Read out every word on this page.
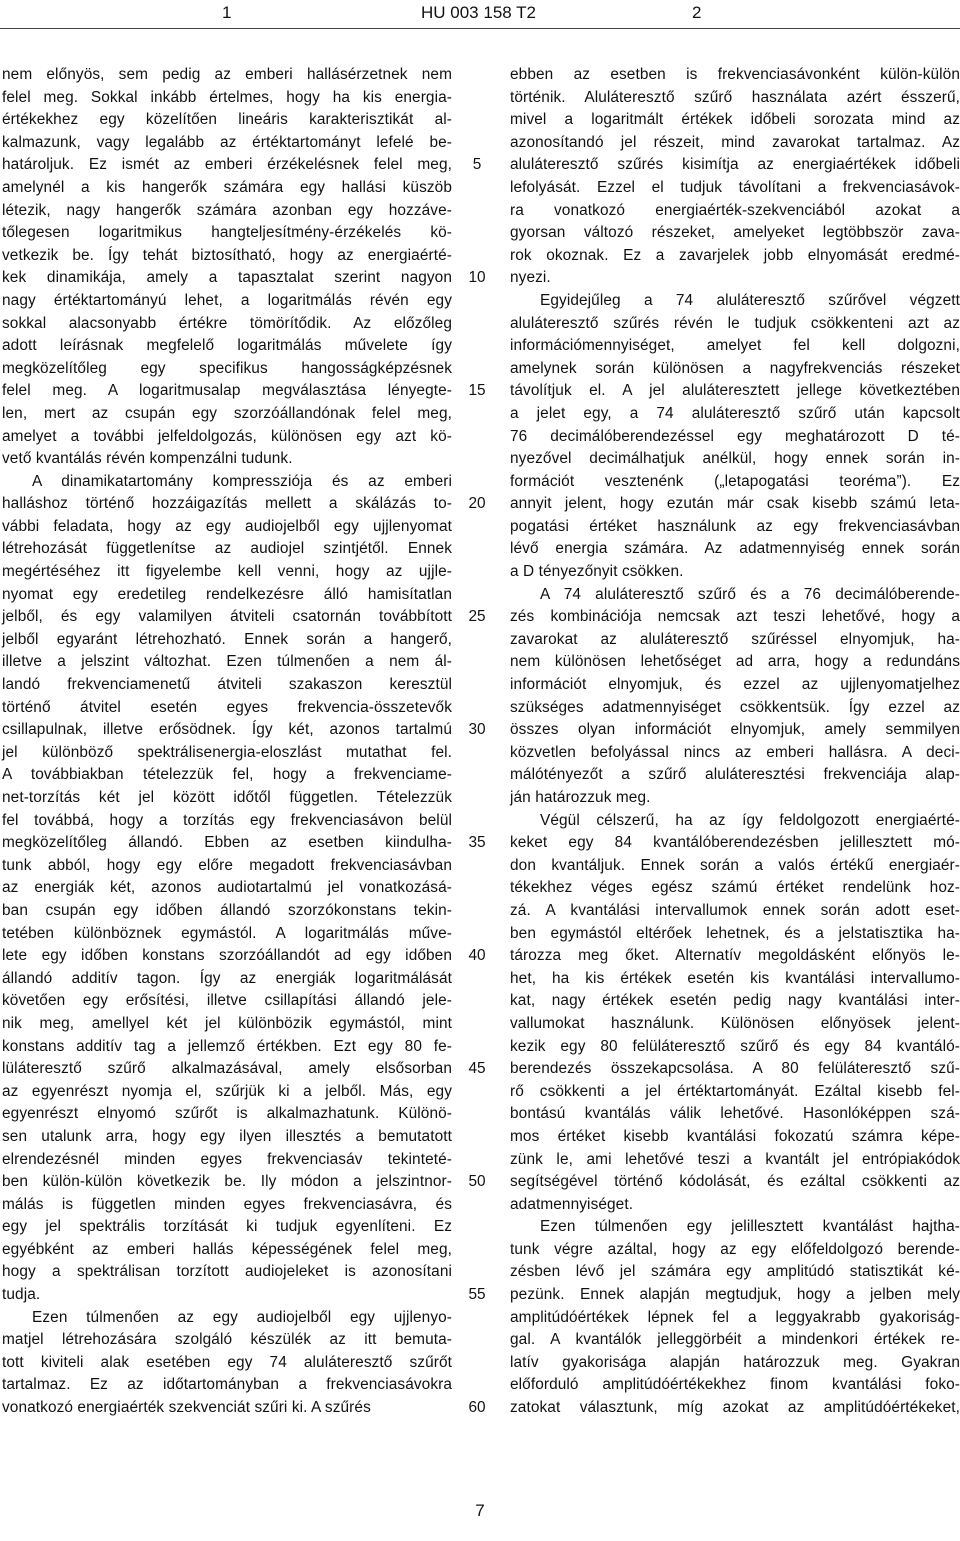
1	HU 003 158 T2	2

nem előnyös, sem pedig az emberi hallásérzetnek nem

felel meg. Sokkal inkább értelmes, hogy ha kis energia-

értékekhez egy közelítően lineáris karakterisztikát al-

kalmazunk, vagy legalább az értéktartományt lefelé be-

határoljuk. Ez ismét az emberi érzékelésnek felel meg,

amelynél a kis hangerők számára egy hallási küszöb

létezik, nagy hangerők számára azonban egy hozzáve-

tőlegesen logaritmikus hangteljesítmény-érzékelés kö-

vetkezik be. Így tehát biztosítható, hogy az energiaérté-

kek dinamikája, amely a tapasztalat szerint nagyon

nagy értéktartományú lehet, a logaritmálás révén egy

sokkal alacsonyabb értékre tömörítődik. Az előzőleg

adott leírásnak megfelelő logaritmálás művelete így

megközelítőleg egy specifikus hangosságképzésnek

felel meg. A logaritmusalap megválasztása lényegte-

len, mert az csupán egy szorzóállandónak felel meg,

amelyet a további jelfeldolgozás, különösen egy azt kö-

vető kvantálás révén kompenzálni tudunk.

A dinamikatartomány kompressziója és az emberi

halláshoz történő hozzáigazítás mellett a skálázás to-

vábbi feladata, hogy az egy audiojelből egy ujjlenyomat

létrehozását függetlenítse az audiojel szintjétől. Ennek

megértéséhez itt figyelembe kell venni, hogy az ujjle-

nyomat egy eredetileg rendelkezésre álló hamisítatlan

jelből, és egy valamilyen átviteli csatornán továbbított

jelből egyaránt létrehozható. Ennek során a hangerő,

illetve a jelszint változhat. Ezen túlmenően a nem ál-

landó frekvenciamenetű átviteli szakaszon keresztül

történő átvitel esetén egyes frekvencia-összetevők

csillapulnak, illetve erősödnek. Így két, azonos tartalmú

jel különböző spektrálisenergia-eloszlást mutathat fel.

A továbbiakban tételezzük fel, hogy a frekvenciame-

net-torzítás két jel között időtől független. Tételezzük

fel továbbá, hogy a torzítás egy frekvenciasávon belül

megközelítőleg állandó. Ebben az esetben kiindulha-

tunk abból, hogy egy előre megadott frekvenciasávban

az energiák két, azonos audiotartalmú jel vonatkozásá-

ban csupán egy időben állandó szorzókonstans tekin-

tetében különböznek egymástól. A logaritmálás műve-

lete egy időben konstans szorzóállandót ad egy időben

állandó additív tagon. Így az energiák logaritmálását

követően egy erősítési, illetve csillapítási állandó jele-

nik meg, amellyel két jel különbözik egymástól, mint

konstans additív tag a jellemző értékben. Ezt egy 80 fe-

lüláteresztő szűrő alkalmazásával, amely elsősorban

az egyenrészt nyomja el, szűrjük ki a jelből. Más, egy

egyenrészt elnyomó szűrőt is alkalmazhatunk. Különö-

sen utalunk arra, hogy egy ilyen illesztés a bemutatott

elrendezésnél minden egyes frekvenciasáv tekinteté-

ben külön-külön következik be. Ily módon a jelszintnor-

málás is független minden egyes frekvenciasávra, és

egy jel spektrális torzítását ki tudjuk egyenlíteni. Ez

egyébként az emberi hallás képességének felel meg,

hogy a spektrálisan torzított audiojeleket is azonosítani

tudja.

Ezen túlmenően az egy audiojelből egy ujjlenyo-

matjel létrehozására szolgáló készülék az itt bemuta-

tott kiviteli alak esetében egy 74 aluláteresztő szűrőt

tartalmaz. Ez az időtartományban a frekvenciasávokra

vonatkozó energiaérték szekvenciát szűri ki. A szűrés

5
10
15
20
25
30
35
40
45
50
55
60

ebben az esetben is frekvenciasávonként külön-külön

történik. Aluláteresztő szűrő használata azért ésszerű,

mivel a logaritmált értékek időbeli sorozata mind az

azonosítandó jel részeit, mind zavarokat tartalmaz. Az

aluláteresztő szűrés kisimítja az energiaértékek időbeli

lefolyását. Ezzel el tudjuk távolítani a frekvenciasávok-

ra vonatkozó energiaérték-szekvenciából azokat a

gyorsan változó részeket, amelyeket legtöbbször zava-

rok okoznak. Ez a zavarjelek jobb elnyomását eredmé-

nyezi.

Egyidejűleg a 74 aluláteresztő szűrővel végzett

aluláteresztő szűrés révén le tudjuk csökkenteni azt az

információmennyiséget, amelyet fel kell dolgozni,

amelynek során különösen a nagyfrekvenciás részeket

távolítjuk el. A jel aluláteresztett jellege következtében

a jelet egy, a 74 aluláteresztő szűrő után kapcsolt

76 decimálóberendezéssel egy meghatározott D té-

nyezővel decimálhatjuk anélkül, hogy ennek során in-

formációt vesztenénk („letapogatási teoréma”). Ez

annyit jelent, hogy ezután már csak kisebb számú leta-

pogatási értéket használunk az egy frekvenciasávban

lévő energia számára. Az adatmennyiség ennek során

a D tényezőnyit csökken.

A 74 aluláteresztő szűrő és a 76 decimálóberende-

zés kombinációja nemcsak azt teszi lehetővé, hogy a

zavarokat az aluláteresztő szűréssel elnyomjuk, ha-

nem különösen lehetőséget ad arra, hogy a redundáns

információt elnyomjuk, és ezzel az ujjlenyomatjelhez

szükséges adatmennyiséget csökkentsük. Így ezzel az

összes olyan információt elnyomjuk, amely semmilyen

közvetlen befolyással nincs az emberi hallásra. A deci-

málótényezőt a szűrő aluláteresztési frekvenciája alap-

ján határozzuk meg.

Végül célszerű, ha az így feldolgozott energiaérté-

keket egy 84 kvantálóberendezésben jelillesztett mó-

don kvantáljuk. Ennek során a valós értékű energiaér-

tékekhez véges egész számú értéket rendelünk hoz-

zá. A kvantálási intervallumok ennek során adott eset-

ben egymástól eltérőek lehetnek, és a jelstatisztika ha-

tározza meg őket. Alternatív megoldásként előnyös le-

het, ha kis értékek esetén kis kvantálási intervallumo-

kat, nagy értékek esetén pedig nagy kvantálási inter-

vallumokat használunk. Különösen előnyösek jelent-

kezik egy 80 felüláteresztő szűrő és egy 84 kvantáló-

berendezés összekapcsolása. A 80 felüláteresztő szű-

rő csökkenti a jel értéktartományát. Ezáltal kisebb fel-

bontású kvantálás válik lehetővé. Hasonlóképpen szá-

mos értéket kisebb kvantálási fokozatú számra képe-

zünk le, ami lehetővé teszi a kvantált jel entrópiakódok

segítségével történő kódolását, és ezáltal csökkenti az

adatmennyiséget.

Ezen túlmenően egy jelillesztett kvantálást hajtha-

tunk végre azáltal, hogy az egy előfeldolgozó berende-

zésben lévő jel számára egy amplitúdó statisztikát ké-

pezünk. Ennek alapján megtudjuk, hogy a jelben mely

amplitúdóértékek lépnek fel a leggyakrabb gyakoriság-

gal. A kvantálók jelleggörbéit a mindenkori értékek re-

latív gyakorisága alapján határozzuk meg. Gyakran

előforduló amplitúdóértékekhez finom kvantálási foko-

zatokat választunk, míg azokat az amplitúdóértékeket,

7
